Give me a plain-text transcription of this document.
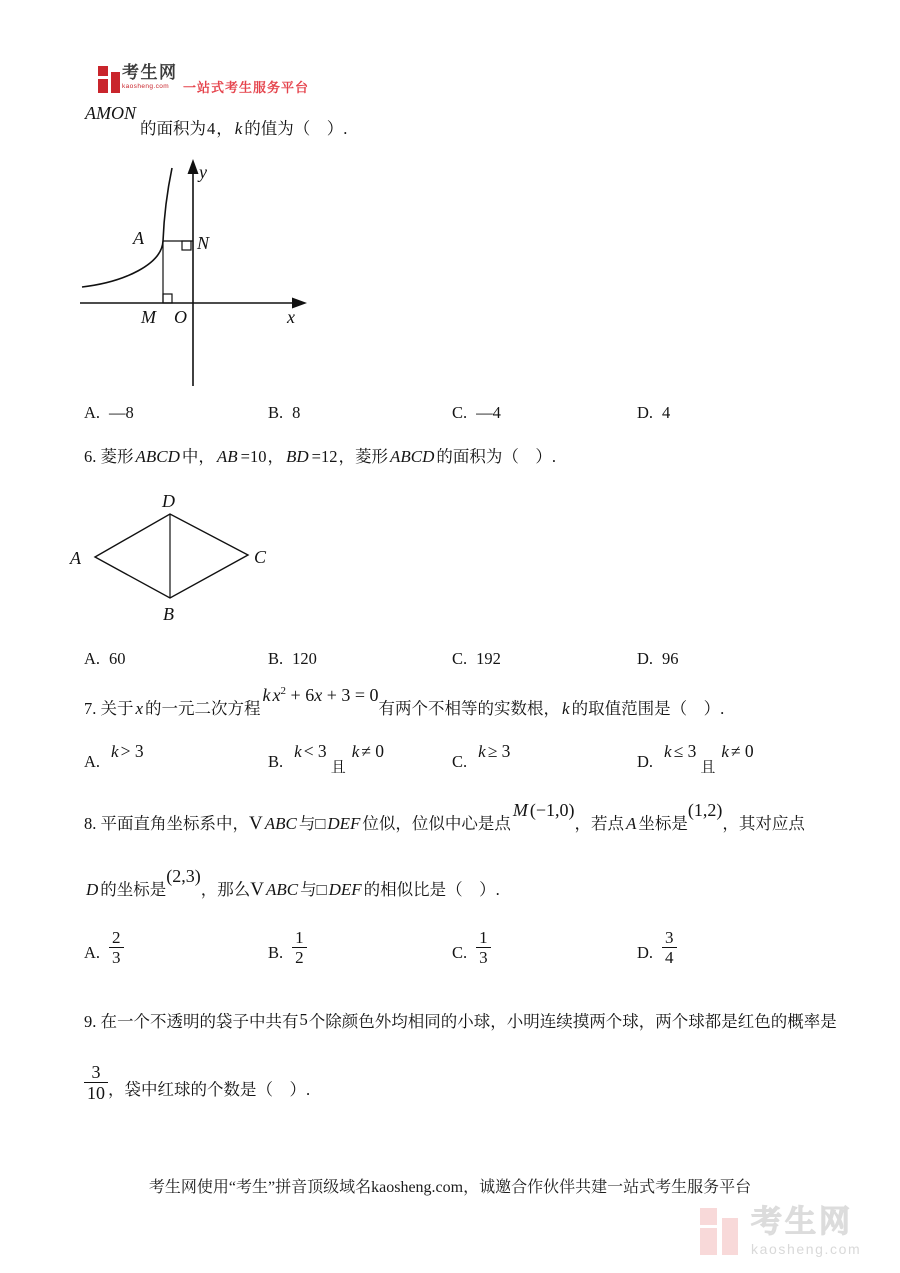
考生网
kaosheng.com	一站式考生服务平台
AMON的面积为4， k 的值为（　）.
y
x
O
M
A	N
A. —8	B. 8	C. —4	D. 4
6. 菱形 ABCD 中， AB =10， BD =12，菱形 ABCD 的面积为（　）.
D
A	C
B
A. 60	B. 120	C. 192	D. 96
7. 关于 x 的一元二次方程k $x^2 + 6x + 3 = 0$有两个不相等的实数根， k 的取值范围是（　）.
A.k > 3
B.k < 3且k ≠ 0
C.k ≥ 3
D.k ≤ 3且k ≠ 0
8. 平面直角坐标系中，V ABC 与□ DEF 位似，位似中心是点M (−1,0)，若点 A 坐标是(1,2)，其对应点
D 的坐标是(2,3)，那么V ABC 与□ DEF 的相似比是（　）.
A. $\frac{2}{3}$	B. $\frac{1}{2}$	C. $\frac{1}{3}$	D. $\frac{3}{4}$
9. 在一个不透明的袋子中共有5个除颜色外均相同的小球，小明连续摸两个球，两个球都是红色的概率是
$\frac{3}{10}$ ，袋中红球的个数是（　）.
考生网使用“考生”拼音顶级域名kaosheng.com，诚邀合作伙伴共建一站式考生服务平台
考生网
kaosheng.com
